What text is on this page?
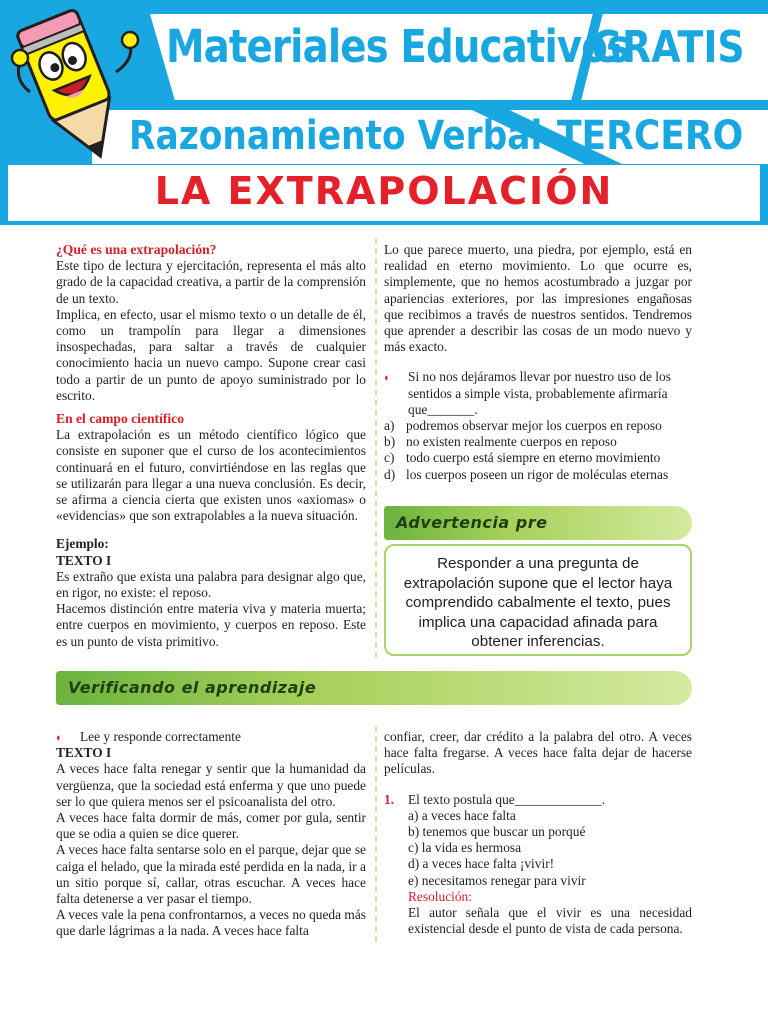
Materiales Educativos
GRATIS
Razonamiento Verbal TERCERO
LA EXTRAPOLACIÓN
¿Qué es una extrapolación?

Este tipo de lectura y ejercitación, representa el más alto grado de la capacidad creativa, a partir de la comprensión de un texto.

Implica, en efecto, usar el mismo texto o un detalle de él, como un trampolín para llegar a dimensiones insospechadas, para saltar a través de cualquier conocimiento hacia un nuevo campo. Supone crear casi todo a partir de un punto de apoyo suministrado por lo escrito.

En el campo científico

La extrapolación es un método científico lógico que consiste en suponer que el curso de los acontecimientos continuará en el futuro, convirtiéndose en las reglas que se utilizarán para llegar a una nueva conclusión. Es decir, se afirma a ciencia cierta que existen unos «axiomas» o «evidencias» que son extrapolables a la nueva situación.

Ejemplo:
TEXTO I

Es extraño que exista una palabra para designar algo que, en rigor, no existe: el reposo.

Hacemos distinción entre materia viva y materia muerta; entre cuerpos en movimiento, y cuerpos en reposo. Este es un punto de vista primitivo.

Lo que parece muerto, una piedra, por ejemplo, está en realidad en eterno movimiento. Lo que ocurre es, simplemente, que no hemos acostumbrado a juzgar por apariencias exteriores, por las impresiones engañosas que recibimos a través de nuestros sentidos. Tendremos que aprender a describir las cosas de un modo nuevo y más exacto.

◐ Si no nos dejáramos llevar por nuestro uso de los sentidos a simple vista, probablemente afirmaría que_______.
a) podremos observar mejor los cuerpos en reposo
b) no existen realmente cuerpos en reposo
c) todo cuerpo está siempre en eterno movimiento
d) los cuerpos poseen un rigor de moléculas eternas
Advertencia pre
Responder a una pregunta de extrapolación supone que el lector haya comprendido cabalmente el texto, pues implica una capacidad afinada para obtener inferencias.
Verificando el aprendizaje
◐ Lee y responde correctamente
TEXTO I

A veces hace falta renegar y sentir que la humanidad da vergüenza, que la sociedad está enferma y que uno puede ser lo que quiera menos ser el psicoanalista del otro.

A veces hace falta dormir de más, comer por gula, sentir que se odia a quien se dice querer.

A veces hace falta sentarse solo en el parque, dejar que se caiga el helado, que la mirada esté perdida en la nada, ir a un sitio porque sí, callar, otras escuchar. A veces hace falta detenerse a ver pasar el tiempo.

A veces vale la pena confrontarnos, a veces no queda más que darle lágrimas a la nada. A veces hace falta

confiar, creer, dar crédito a la palabra del otro. A veces hace falta fregarse. A veces hace falta dejar de hacerse películas.

1. El texto postula que_____________.
a) a veces hace falta
b) tenemos que buscar un porqué
c) la vida es hermosa
d) a veces hace falta ¡vivir!
e) necesitamos renegar para vivir
Resolución:

El autor señala que el vivir es una necesidad existencial desde el punto de vista de cada persona.
